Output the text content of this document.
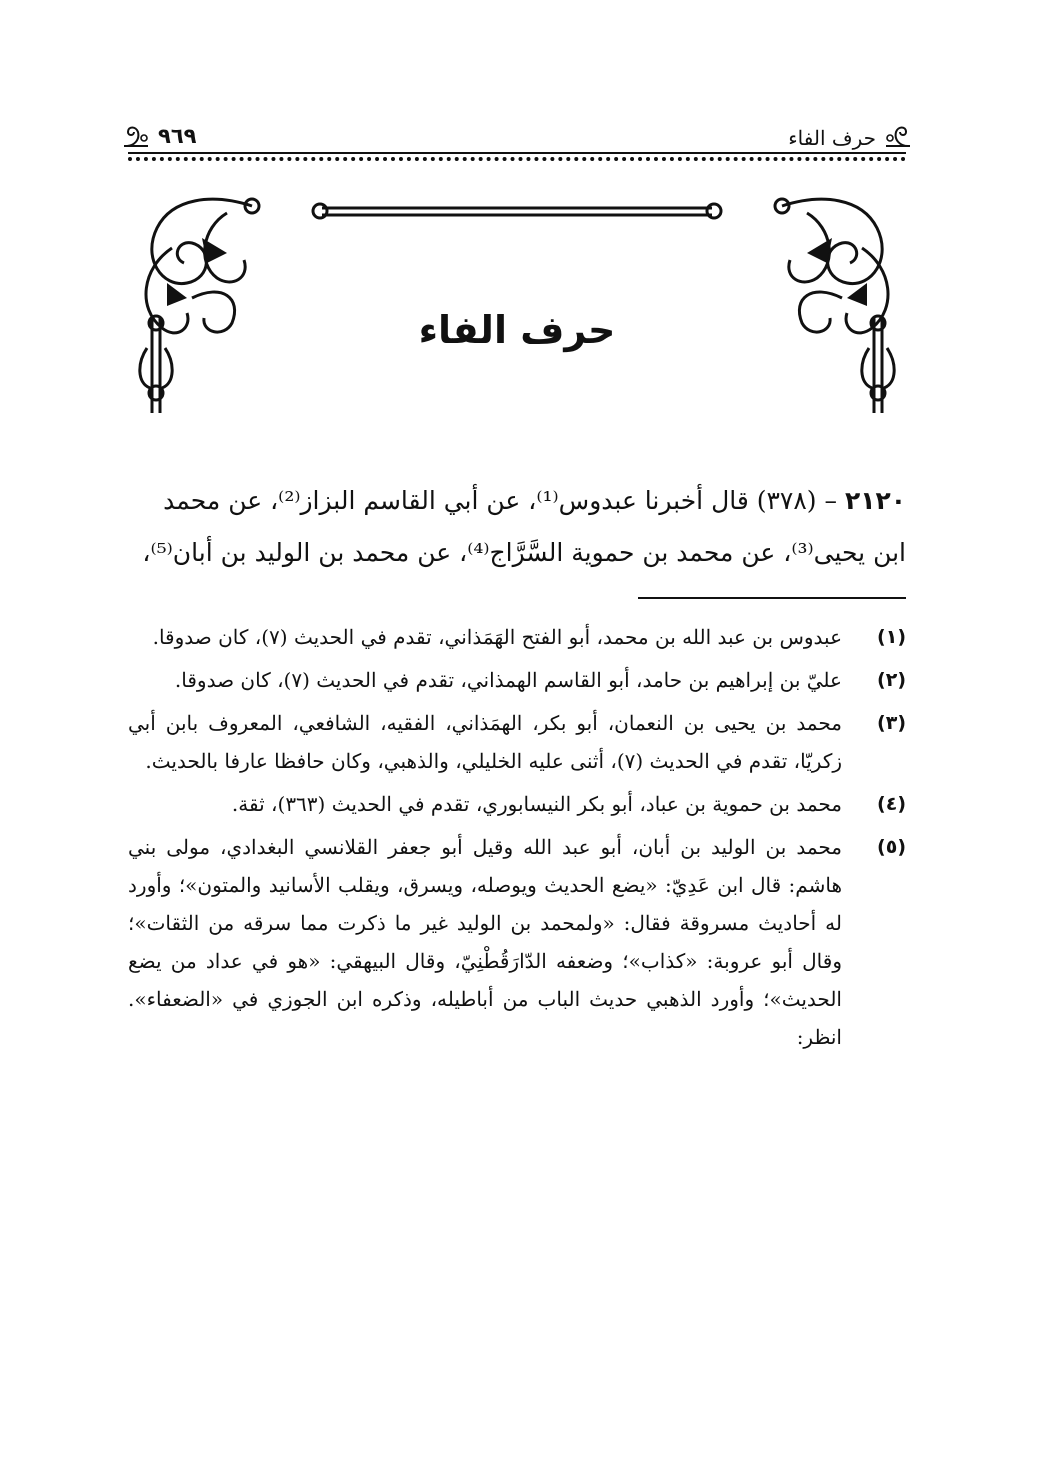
حرف الفاء
٩٦٩
حرف الفاء

٢١٢٠ – (٣٧٨) قال أخبرنا عبدوس⁽¹⁾، عن أبي القاسم البزاز⁽²⁾، عن محمد

ابن يحيى⁽³⁾، عن محمد بن حموية السَّرَّاج⁽⁴⁾، عن محمد بن الوليد بن أبان⁽⁵⁾،

(١)
عبدوس بن عبد الله بن محمد، أبو الفتح الهَمَذاني، تقدم في الحديث (٧)، كان صدوقا.
(٢)
عليّ بن إبراهيم بن حامد، أبو القاسم الهمذاني، تقدم في الحديث (٧)، كان صدوقا.
(٣)
محمد بن يحيى بن النعمان، أبو بكر، الهمَذاني، الفقيه، الشافعي، المعروف بابن أبي زكريّا، تقدم في الحديث (٧)، أثنى عليه الخليلي، والذهبي، وكان حافظا عارفا بالحديث.
(٤)
محمد بن حموية بن عباد، أبو بكر النيسابوري، تقدم في الحديث (٣٦٣)، ثقة.
(٥)
محمد بن الوليد بن أبان، أبو عبد الله وقيل أبو جعفر القلانسي البغدادي، مولى بني هاشم: قال ابن عَدِيّ: «يضع الحديث ويوصله، ويسرق، ويقلب الأسانيد والمتون»؛ وأورد له أحاديث مسروقة فقال: «ولمحمد بن الوليد غير ما ذكرت مما سرقه من الثقات»؛ وقال أبو عروبة: «كذاب»؛ وضعفه الدّارَقُطْنِيّ، وقال البيهقي: «هو في عداد من يضع الحديث»؛ وأورد الذهبي حديث الباب من أباطيله، وذكره ابن الجوزي في «الضعفاء». انظر:
